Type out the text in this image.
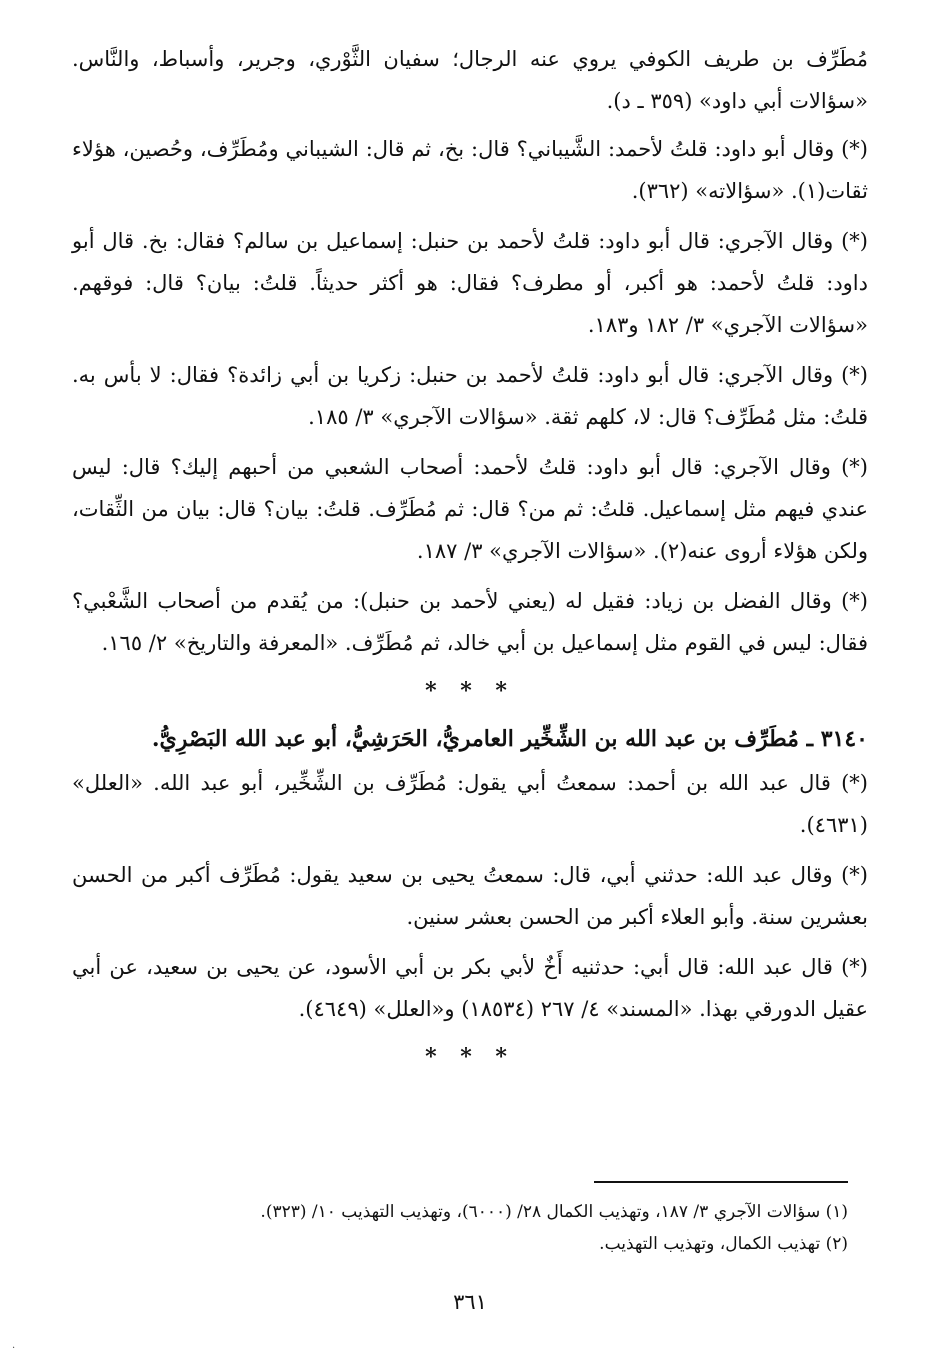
مُطَرِّف بن طريف الكوفي يروي عنه الرجال؛ سفيان الثَّوْري، وجرير، وأسباط، والنَّاس. «سؤالات أبي داود» (٣٥٩ ـ د).

(*) وقال أبو داود: قلتُ لأحمد: الشَّيباني؟ قال: بخ، ثم قال: الشيباني ومُطَرِّف، وحُصين، هؤلاء ثقات(١). «سؤالاته» (٣٦٢).

(*) وقال الآجري: قال أبو داود: قلتُ لأحمد بن حنبل: إسماعيل بن سالم؟ فقال: بخ. قال أبو داود: قلتُ لأحمد: هو أكبر، أو مطرف؟ فقال: هو أكثر حديثاً. قلتُ: بيان؟ قال: فوقهم. «سؤالات الآجري» ٣/ ١٨٢ و١٨٣.

(*) وقال الآجري: قال أبو داود: قلتُ لأحمد بن حنبل: زكريا بن أبي زائدة؟ فقال: لا بأس به. قلتُ: مثل مُطَرِّف؟ قال: لا، كلهم ثقة. «سؤالات الآجري» ٣/ ١٨٥.

(*) وقال الآجري: قال أبو داود: قلتُ لأحمد: أصحاب الشعبي من أحبهم إليك؟ قال: ليس عندي فيهم مثل إسماعيل. قلتُ: ثم من؟ قال: ثم مُطَرِّف. قلتُ: بيان؟ قال: بيان من الثِّقات، ولكن هؤلاء أروى عنه(٢). «سؤالات الآجري» ٣/ ١٨٧.

(*) وقال الفضل بن زياد: فقيل له (يعني لأحمد بن حنبل): من يُقدم من أصحاب الشَّعْبي؟ فقال: ليس في القوم مثل إسماعيل بن أبي خالد، ثم مُطَرِّف. «المعرفة والتاريخ» ٢/ ١٦٥.

* * *

٣١٤٠ ـ مُطَرِّف بن عبد الله بن الشِّخِّير العامريُّ، الحَرَشِيُّ، أبو عبد الله البَصْرِيُّ.

(*) قال عبد الله بن أحمد: سمعتُ أبي يقول: مُطَرِّف بن الشِّخِّير، أبو عبد الله. «العلل» (٤٦٣١).

(*) وقال عبد الله: حدثني أبي، قال: سمعتُ يحيى بن سعيد يقول: مُطَرِّف أكبر من الحسن بعشرين سنة. وأبو العلاء أكبر من الحسن بعشر سنين.

(*) قال عبد الله: قال أبي: حدثنيه أَخٌ لأبي بكر بن أبي الأسود، عن يحيى بن سعيد، عن أبي عقيل الدورقي بهذا. «المسند» ٤/ ٢٦٧ (١٨٥٣٤) و«العلل» (٤٦٤٩).

* * *

(١) سؤالات الآجري ٣/ ١٨٧، وتهذيب الكمال ٢٨/ (٦٠٠٠)، وتهذيب التهذيب ١٠/ (٣٢٣).

(٢) تهذيب الكمال، وتهذيب التهذيب.

٣٦١
.
